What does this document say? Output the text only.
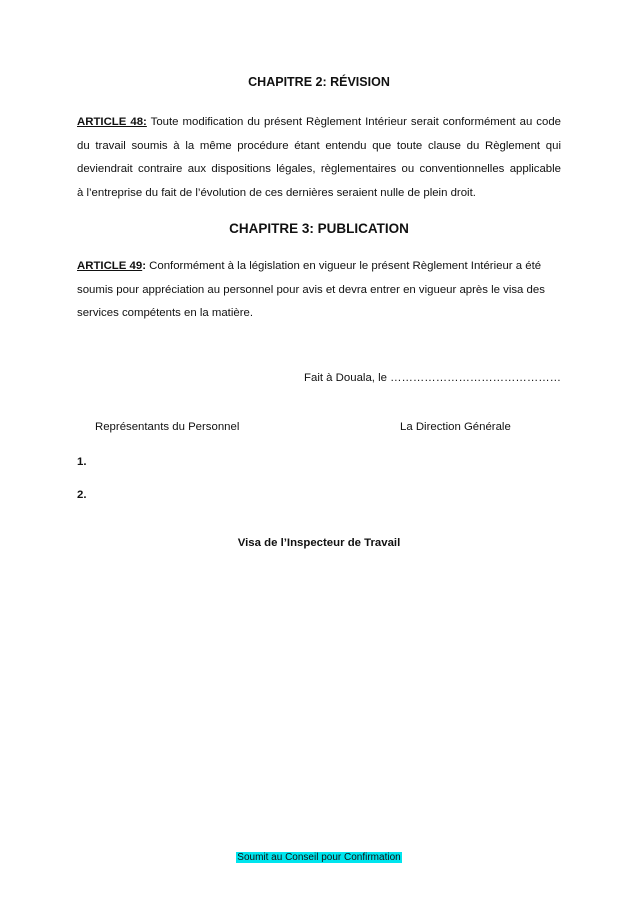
CHAPITRE 2: RÉVISION
ARTICLE 48: Toute modification du présent Règlement Intérieur serait conformément au code
du travail soumis à la même procédure étant entendu que toute clause du Règlement qui
deviendrait contraire aux dispositions légales, règlementaires ou conventionnelles applicable
à l’entreprise du fait de l’évolution de ces dernières seraient nulle de plein droit.
CHAPITRE 3: PUBLICATION
ARTICLE 49: Conformément à la législation en vigueur le présent Règlement Intérieur a été
soumis pour appréciation au personnel pour avis et devra entrer en vigueur après le visa des
services compétents en la matière.
Fait à Douala, le ………………………………………
Représentants du Personnel	La Direction Générale
1.
2.
Visa de l’Inspecteur de Travail
Soumit au Conseil pour Confirmation
